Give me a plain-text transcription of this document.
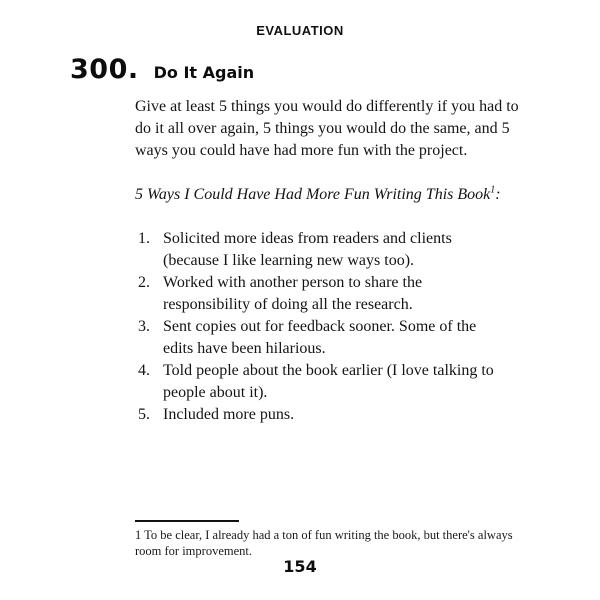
EVALUATION
300. Do It Again

Give at least 5 things you would do differently if you had to do it all over again, 5 things you would do the same, and 5 ways you could have had more fun with the project.

5 Ways I Could Have Had More Fun Writing This Book$^1$:

1. Solicited more ideas from readers and clients (because I like learning new ways too).
2. Worked with another person to share the responsibility of doing all the research.
3. Sent copies out for feedback sooner. Some of the edits have been hilarious.
4. Told people about the book earlier (I love talking to people about it).
5. Included more puns.
1 To be clear, I already had a ton of fun writing the book, but there's always room for improvement.
154
